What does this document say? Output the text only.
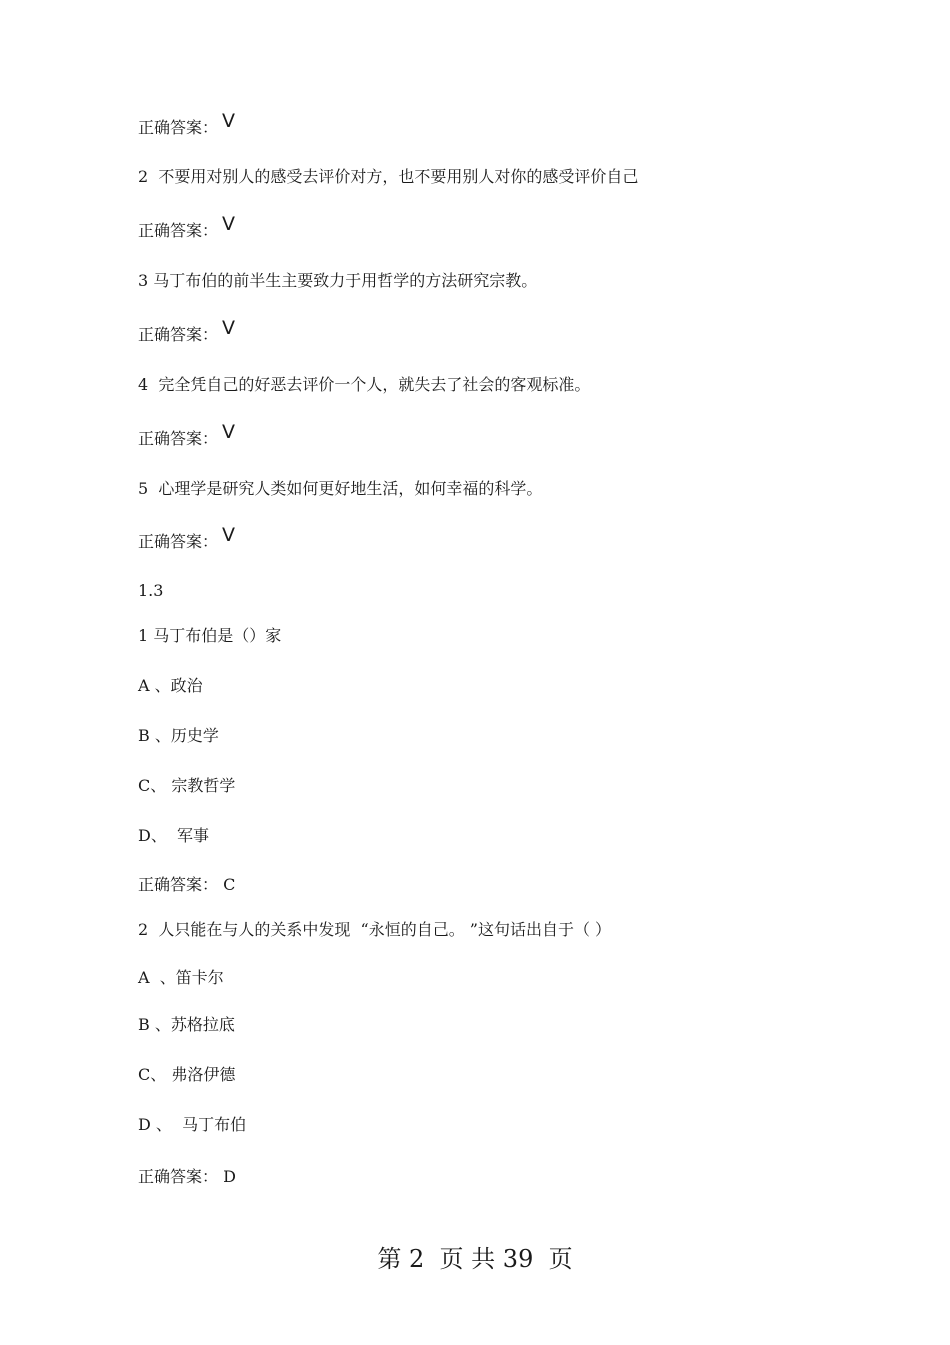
正确答案： V
2  不要用对别人的感受去评价对方，也不要用别人对你的感受评价自己
正确答案： V
3 马丁布伯的前半生主要致力于用哲学的方法研究宗教。
正确答案： V
4  完全凭自己的好恶去评价一个人，就失去了社会的客观标准。
正确答案： V
5  心理学是研究人类如何更好地生活，如何幸福的科学。
正确答案： V
1.3
1 马丁布伯是（）家
A 、政治
B 、历史学
C、 宗教哲学
D、  军事
正确答案： C
2  人只能在与人的关系中发现  “永恒的自己。 ”这句话出自于（ ）
A  、笛卡尔
B 、苏格拉底
C、 弗洛伊德
D 、  马丁布伯
正确答案： D
第 2  页 共 39  页
